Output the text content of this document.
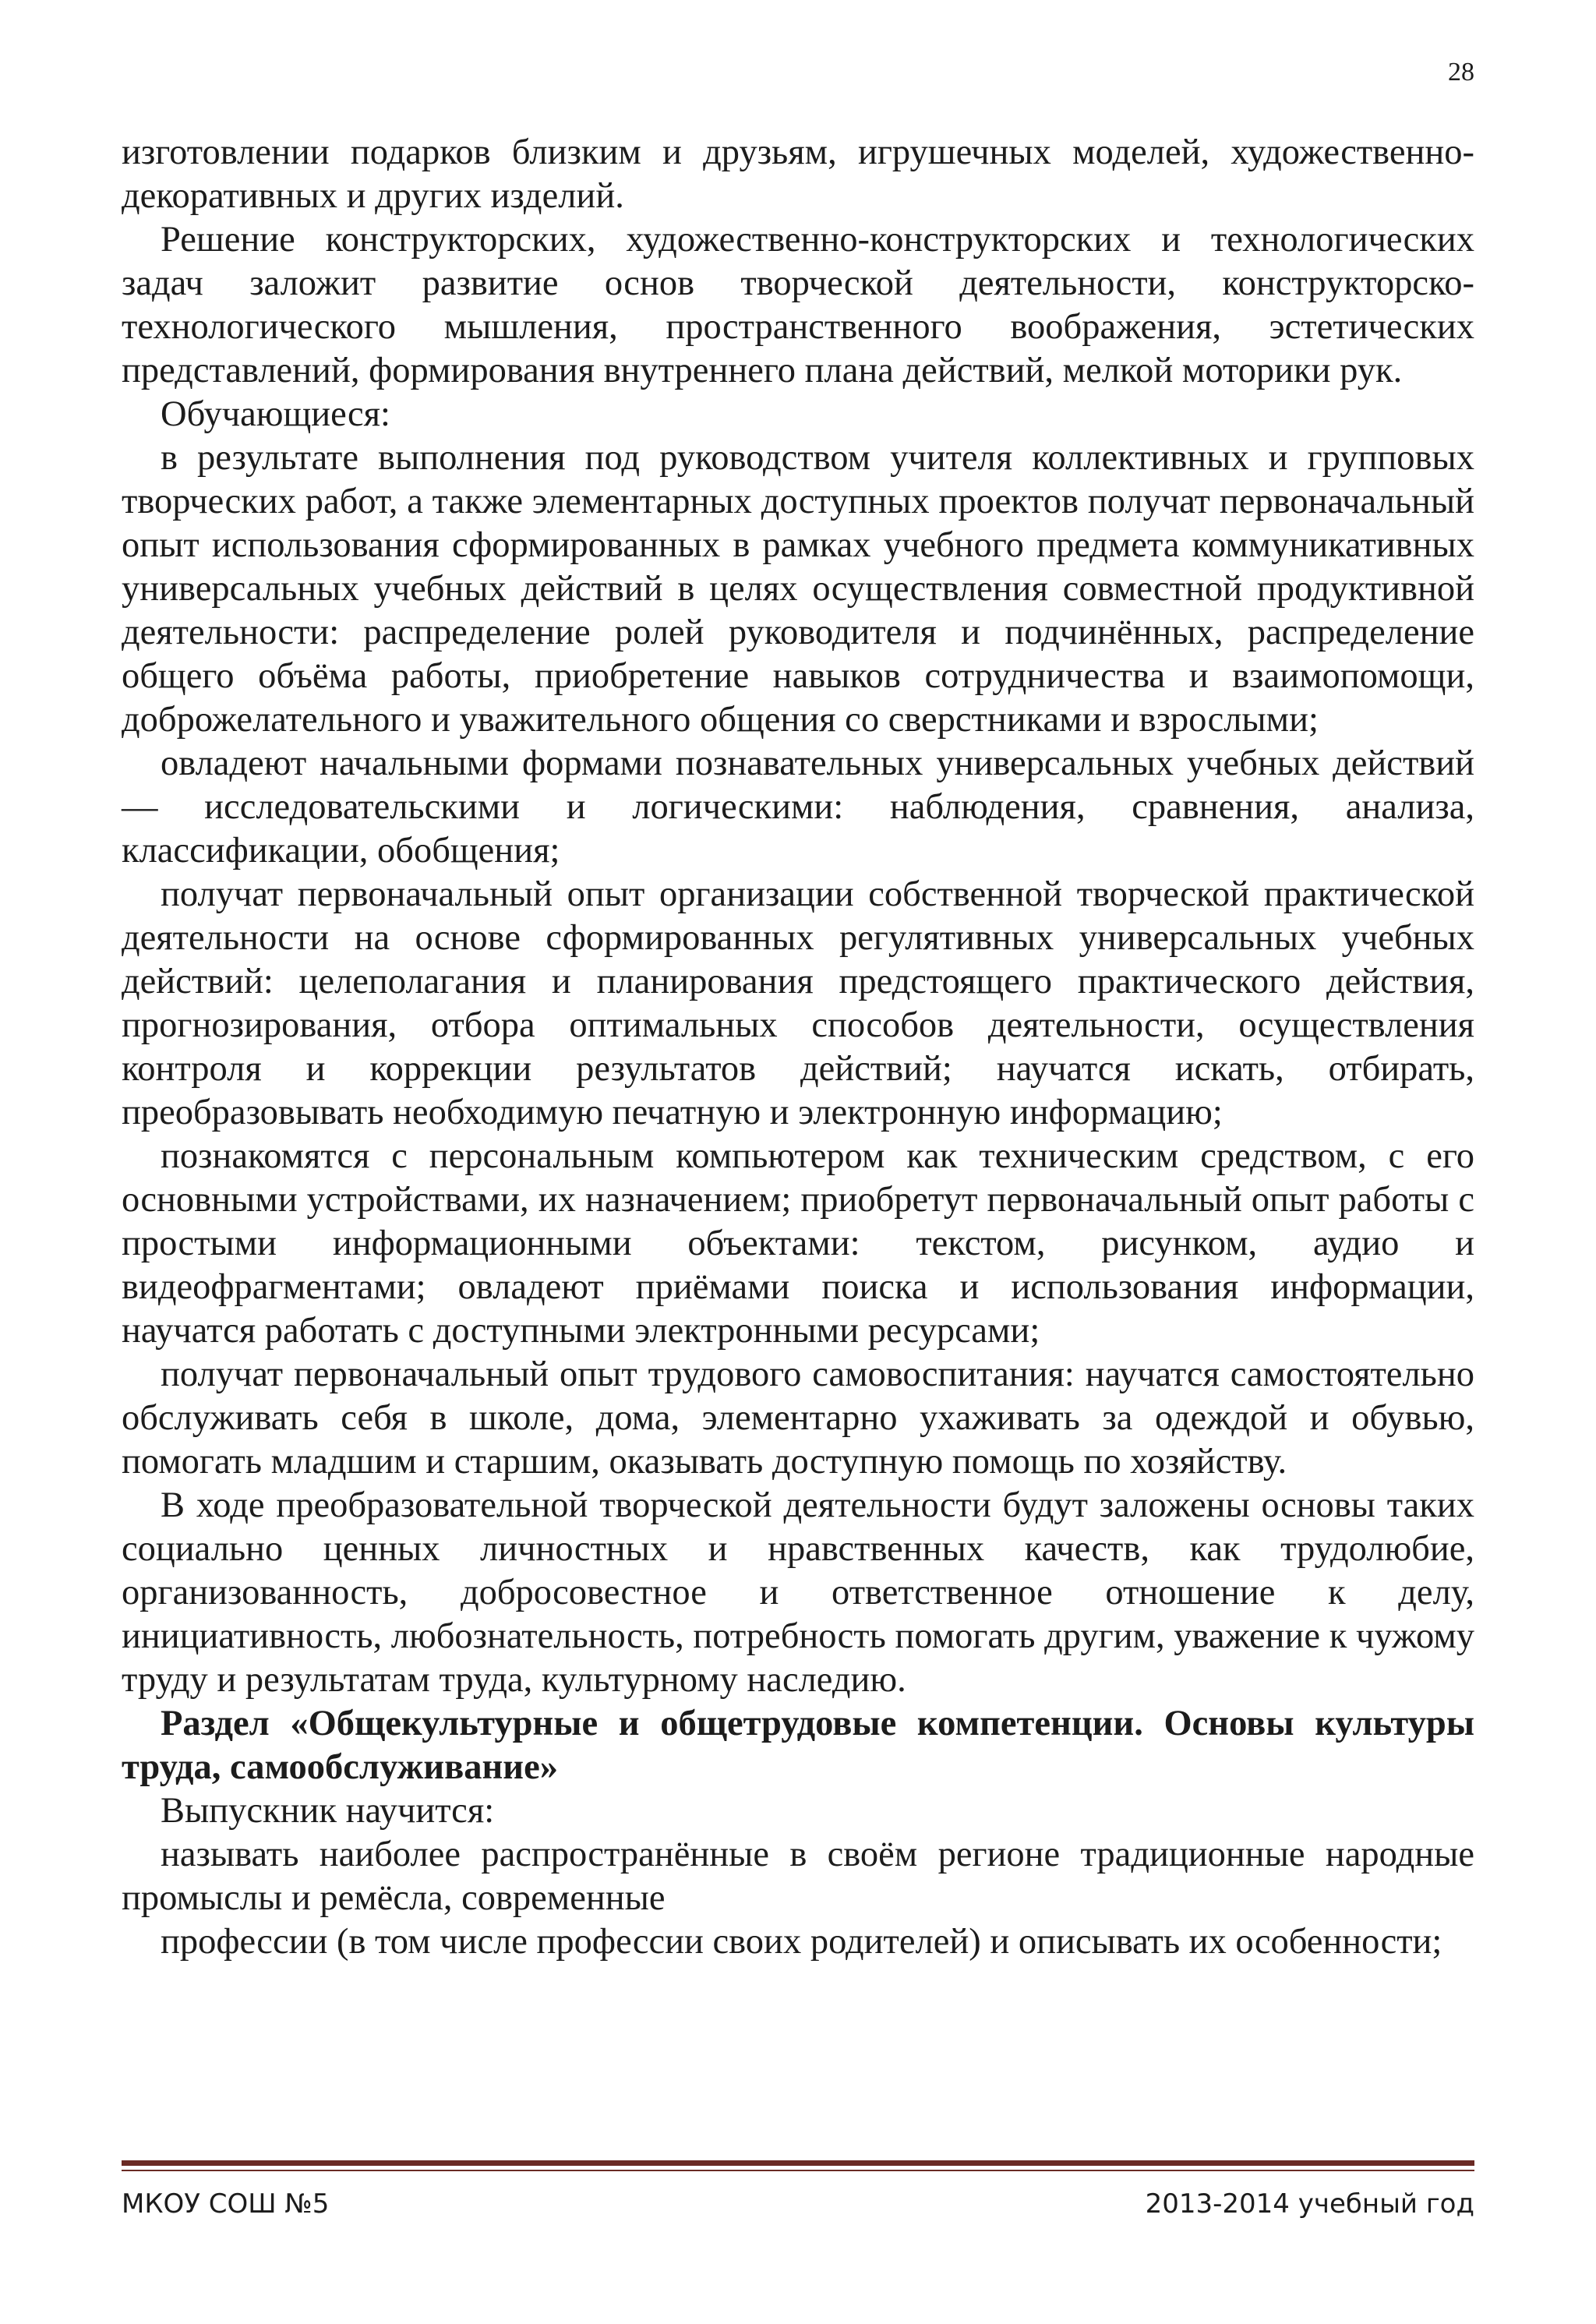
28

изготовлении подарков близким и друзьям, игрушечных моделей, художественно-декоративных и других изделий.

Решение конструкторских, художественно-конструкторских и технологических задач заложит развитие основ творческой деятельности, конструкторско-технологического мышления, пространственного воображения, эстетических представлений, формирования внутреннего плана действий, мелкой моторики рук.

Обучающиеся:

в результате выполнения под руководством учителя коллективных и групповых творческих работ, а также элементарных доступных проектов получат первоначальный опыт использования сформированных в рамках учебного предмета коммуникативных универсальных учебных действий в целях осуществления совместной продуктивной деятельности: распределение ролей руководителя и подчинённых, распределение общего объёма работы, приобретение навыков сотрудничества и взаимопомощи, доброжелательного и уважительного общения со сверстниками и взрослыми;

овладеют начальными формами познавательных универсальных учебных действий — исследовательскими и логическими: наблюдения, сравнения, анализа, классификации, обобщения;

получат первоначальный опыт организации собственной творческой практической деятельности на основе сформированных регулятивных универсальных учебных действий: целеполагания и планирования предстоящего практического действия, прогнозирования, отбора оптимальных способов деятельности, осуществления контроля и коррекции результатов действий; научатся искать, отбирать, преобразовывать необходимую печатную и электронную информацию;

познакомятся с персональным компьютером как техническим средством, с его основными устройствами, их назначением; приобретут первоначальный опыт работы с простыми информационными объектами: текстом, рисунком, аудио и видеофрагментами; овладеют приёмами поиска и использования информации, научатся работать с доступными электронными ресурсами;

получат первоначальный опыт трудового самовоспитания: научатся самостоятельно обслуживать себя в школе, дома, элементарно ухаживать за одеждой и обувью, помогать младшим и старшим, оказывать доступную помощь по хозяйству.

В ходе преобразовательной творческой деятельности будут заложены основы таких социально ценных личностных и нравственных качеств, как трудолюбие, организованность, добросовестное и ответственное отношение к делу, инициативность, любознательность, потребность помогать другим, уважение к чужому труду и результатам труда, культурному наследию.

Раздел «Общекультурные и общетрудовые компетенции. Основы культуры труда, самообслуживание»

Выпускник научится:

называть наиболее распространённые в своём регионе традиционные народные промыслы и ремёсла, современные

профессии (в том числе профессии своих родителей) и описывать их особенности;

МКОУ СОШ №5	2013-2014 учебный год
